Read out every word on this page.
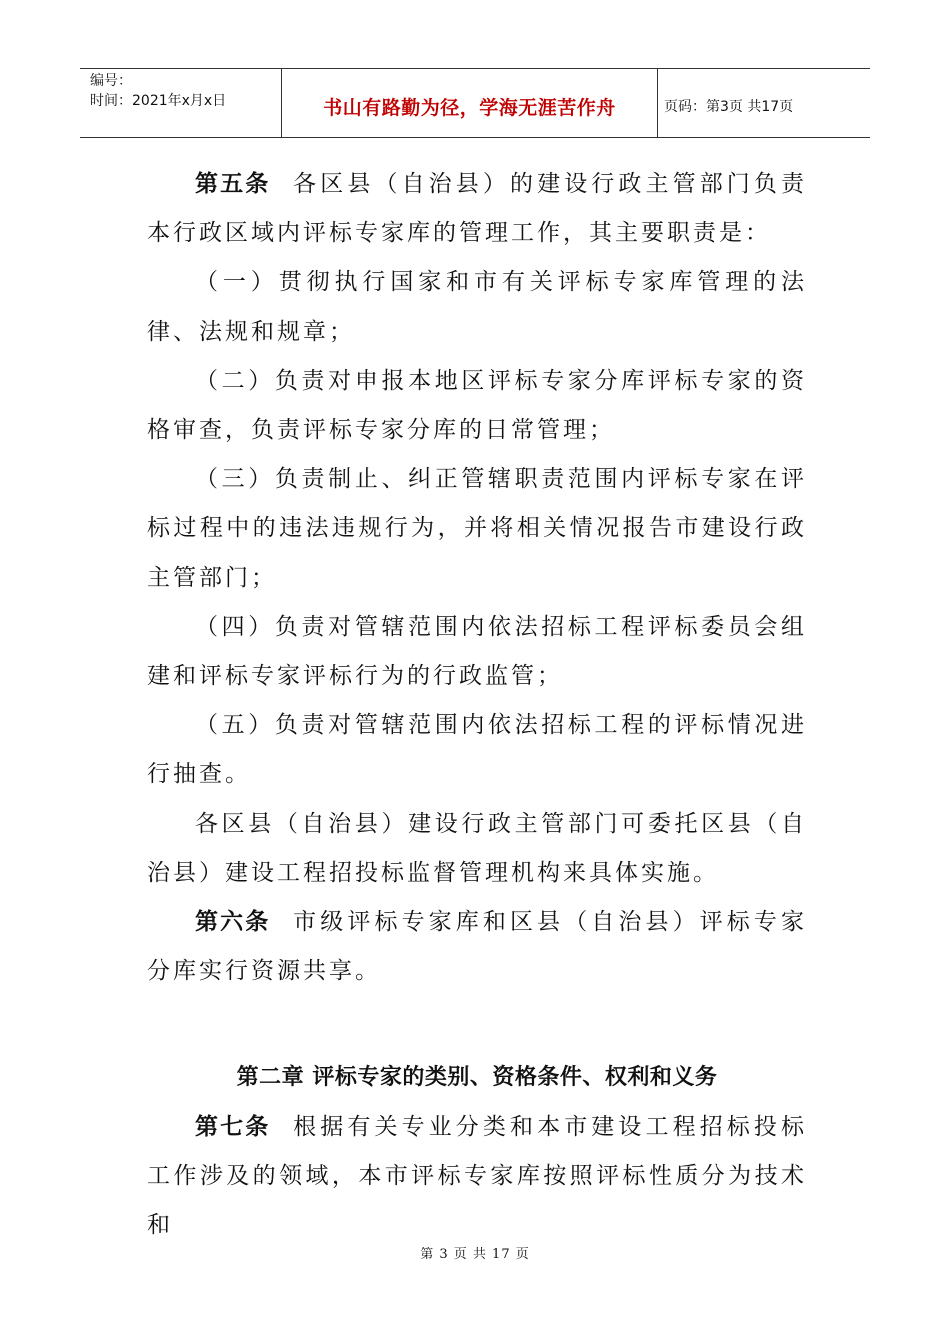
编号：
时间：2021年x月x日	书山有路勤为径，学海无涯苦作舟	页码：第3页 共17页

第五条 各区县（自治县）的建设行政主管部门负责本行政区域内评标专家库的管理工作，其主要职责是：

（一）贯彻执行国家和市有关评标专家库管理的法律、法规和规章；

（二）负责对申报本地区评标专家分库评标专家的资格审查，负责评标专家分库的日常管理；

（三）负责制止、纠正管辖职责范围内评标专家在评标过程中的违法违规行为，并将相关情况报告市建设行政主管部门；

（四）负责对管辖范围内依法招标工程评标委员会组建和评标专家评标行为的行政监管；

（五）负责对管辖范围内依法招标工程的评标情况进行抽查。

各区县（自治县）建设行政主管部门可委托区县（自治县）建设工程招投标监督管理机构来具体实施。

第六条 市级评标专家库和区县（自治县）评标专家分库实行资源共享。

第二章 评标专家的类别、资格条件、权利和义务

第七条 根据有关专业分类和本市建设工程招标投标工作涉及的领域，本市评标专家库按照评标性质分为技术和

第 3 页 共 17 页
